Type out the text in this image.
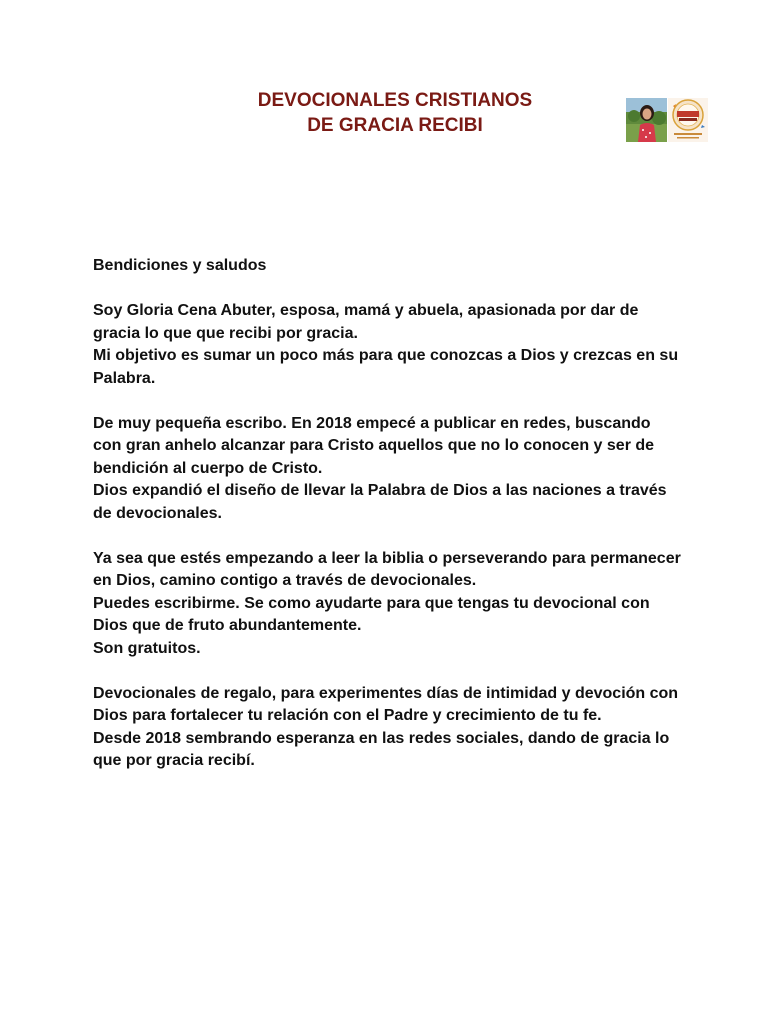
DEVOCIONALES CRISTIANOS
DE GRACIA RECIBI

Bendiciones y saludos

Soy Gloria Cena Abuter, esposa, mamá y abuela, apasionada por dar de gracia lo que que recibi por gracia.
Mi objetivo es sumar un poco más para que conozcas a Dios y crezcas en su Palabra.

De muy pequeña escribo. En 2018 empecé a publicar en redes, buscando con gran anhelo alcanzar para Cristo aquellos que no lo conocen y ser de bendición al cuerpo de Cristo.
Dios expandió el diseño de llevar la Palabra de Dios a las naciones a través de devocionales.

Ya sea que estés empezando a leer la biblia o perseverando para permanecer en Dios, camino contigo a través de devocionales.
Puedes escribirme. Se como ayudarte para que tengas tu devocional con Dios que de fruto abundantemente.
Son gratuitos.

Devocionales de regalo, para experimentes días de intimidad y devoción con Dios para fortalecer tu relación con el Padre y crecimiento de tu fe.
Desde 2018 sembrando esperanza en las redes sociales, dando de gracia lo que por gracia recibí.
